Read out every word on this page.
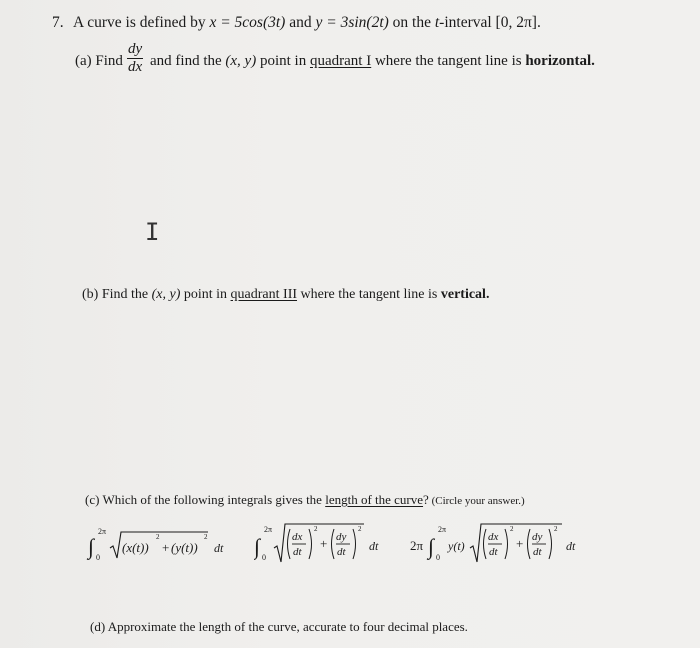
7. A curve is defined by x = 5cos(3t) and y = 3sin(2t) on the t-interval [0, 2π].
(a) Find
dy
dx and find the (x, y) point in quadrant I where the tangent line is horizontal.
I
(b) Find the (x, y) point in quadrant III where the tangent line is vertical.
(c) Which of the following integrals gives the length of the curve? (Circle your answer.)
∫
2π
0
(x(t))
2
+ (y(t))
2
dt ∫
2π
0
dx
dt
2
+ dy
dt
2
dt 2π ∫
2π
0
y(t)
dx
dt
2
+ dy
dt
2
dt
(d) Approximate the length of the curve, accurate to four decimal places.
